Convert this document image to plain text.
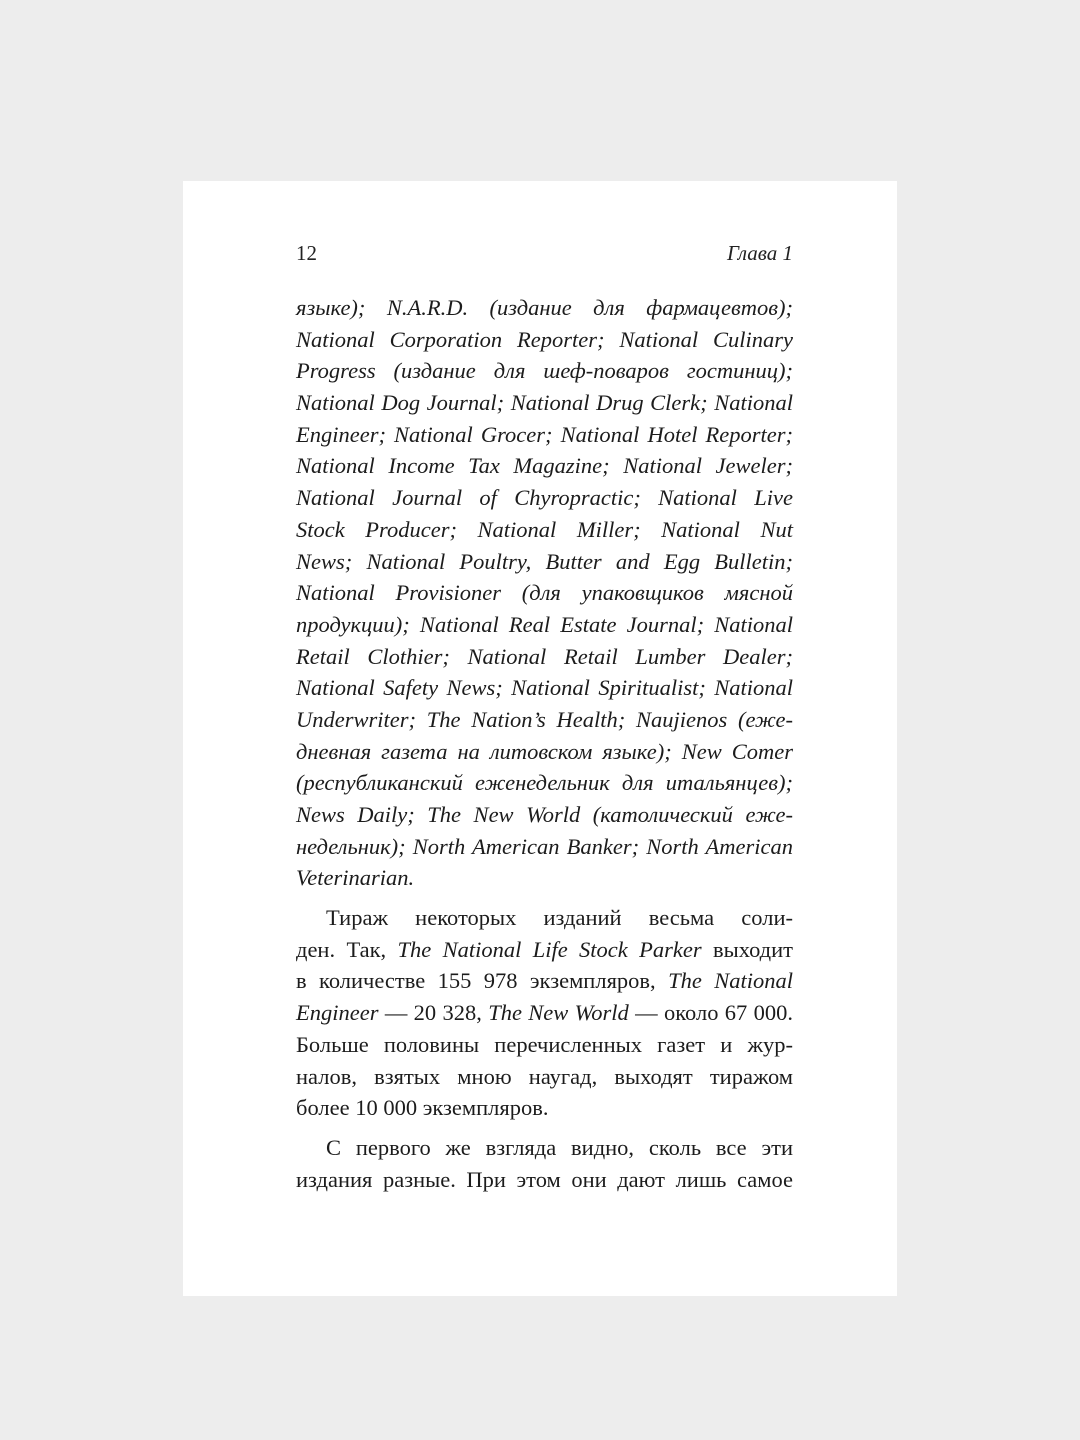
12	Глава 1
языке); N.A.R.D. (издание для фармацевтов);
National Corporation Reporter; National Culinary
Progress (издание для шеф-поваров гостиниц);
National Dog Journal; National Drug Clerk; National
Engineer; National Grocer; National Hotel Reporter;
National Income Tax Magazine; National Jeweler;
National Journal of Chyropractic; National Live
Stock Producer; National Miller; National Nut
News; National Poultry, Butter and Egg Bulletin;
National Provisioner (для упаковщиков мясной
продукции); National Real Estate Journal; National
Retail Clothier; National Retail Lumber Dealer;
National Safety News; National Spiritualist; National
Underwriter; The Nation’s Health; Naujienos (еже-
дневная газета на литовском языке); New Comer
(республиканский еженедельник для итальянцев);
News Daily; The New World (католический еже-
недельник); North American Banker; North American
Veterinarian.
Тираж некоторых изданий весьма соли-
ден. Так, The National Life Stock Parker выходит
в количестве 155 978 экземпляров, The National
Engineer — 20 328, The New World — около 67 000.
Больше половины перечисленных газет и жур-
налов, взятых мною наугад, выходят тиражом
более 10 000 экземпляров.
С первого же взгляда видно, сколь все эти
издания разные. При этом они дают лишь самое
